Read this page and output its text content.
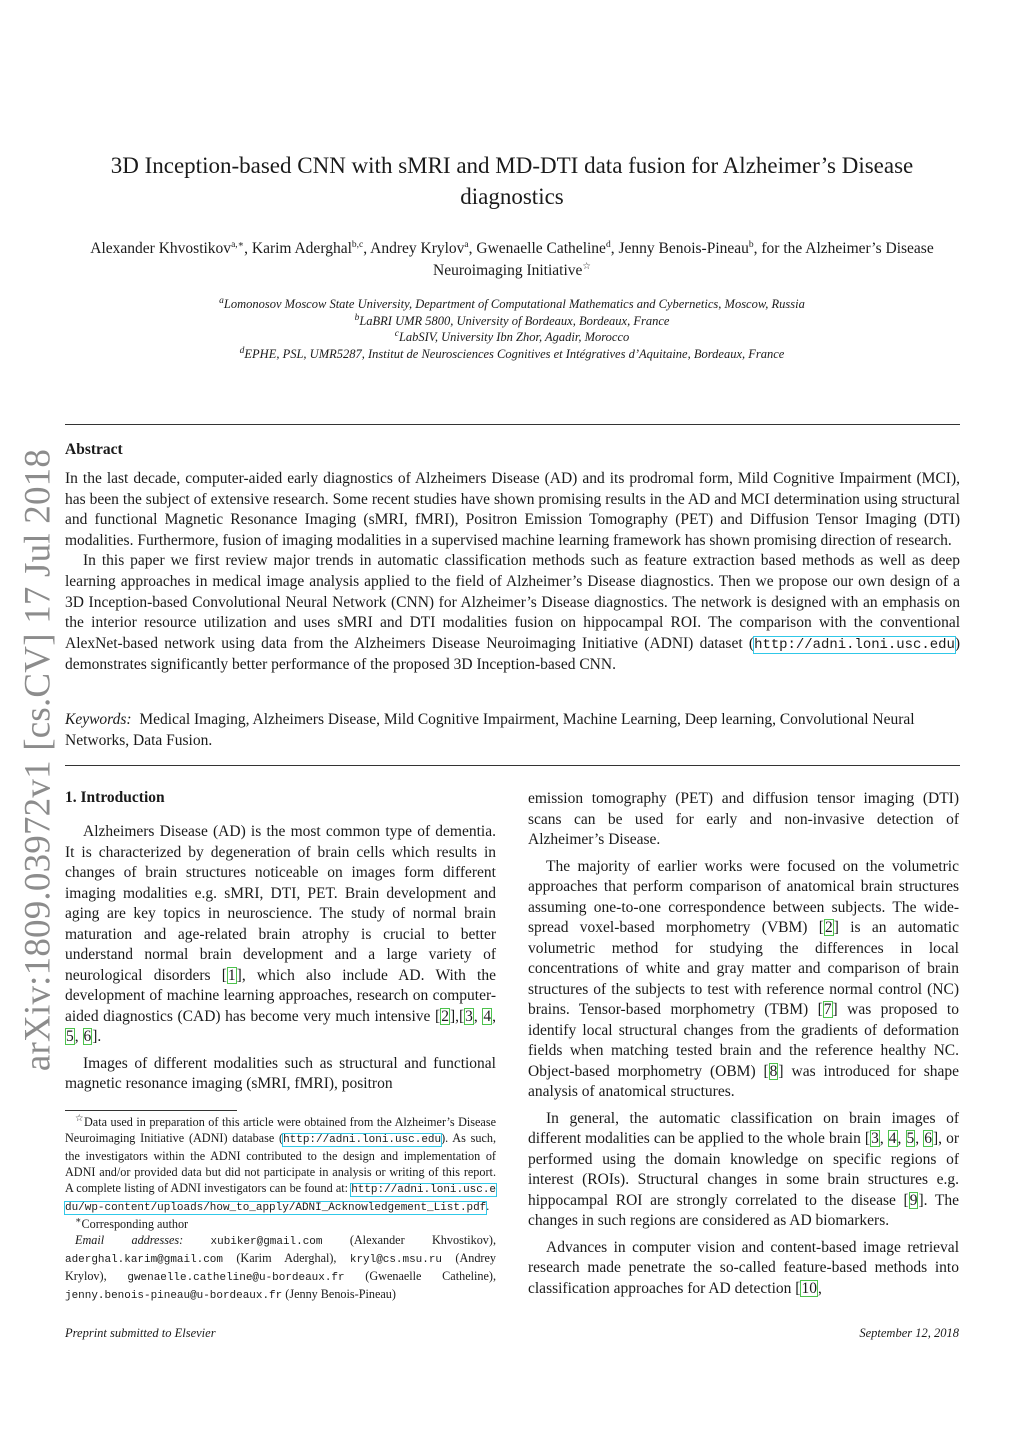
arXiv:1809.03972v1 [cs.CV] 17 Jul 2018
3D Inception-based CNN with sMRI and MD-DTI data fusion for Alzheimer’s Disease diagnostics
Alexander Khvostikov$^{a,∗}$, Karim Aderghal$^{b,c}$, Andrey Krylov$^a$, Gwenaelle Catheline$^d$, Jenny Benois-Pineau$^b$, for the Alzheimer’s Disease Neuroimaging Initiative☆
$^a$Lomonosov Moscow State University, Department of Computational Mathematics and Cybernetics, Moscow, Russia
$^b$LaBRI UMR 5800, University of Bordeaux, Bordeaux, France
$^c$LabSIV, University Ibn Zhor, Agadir, Morocco
$^d$EPHE, PSL, UMR5287, Institut de Neurosciences Cognitives et Intégratives d’Aquitaine, Bordeaux, France
Abstract

In the last decade, computer-aided early diagnostics of Alzheimers Disease (AD) and its prodromal form, Mild Cognitive Impairment (MCI), has been the subject of extensive research. Some recent studies have shown promising results in the AD and MCI determination using structural and functional Magnetic Resonance Imaging (sMRI, fMRI), Positron Emission Tomography (PET) and Diffusion Tensor Imaging (DTI) modalities. Furthermore, fusion of imaging modalities in a supervised machine learning framework has shown promising direction of research.

In this paper we first review major trends in automatic classification methods such as feature extraction based methods as well as deep learning approaches in medical image analysis applied to the field of Alzheimer’s Disease diagnostics. Then we propose our own design of a 3D Inception-based Convolutional Neural Network (CNN) for Alzheimer’s Disease diagnostics. The network is designed with an emphasis on the interior resource utilization and uses sMRI and DTI modalities fusion on hippocampal ROI. The comparison with the conventional AlexNet-based network using data from the Alzheimers Disease Neuroimaging Initiative (ADNI) dataset (http://adni.loni.usc.edu) demonstrates significantly better performance of the proposed 3D Inception-based CNN.

Keywords: Medical Imaging, Alzheimers Disease, Mild Cognitive Impairment, Machine Learning, Deep learning, Convolutional Neural Networks, Data Fusion.
1. Introduction

Alzheimers Disease (AD) is the most common type of dementia. It is characterized by degeneration of brain cells which results in changes of brain structures noticeable on images form different imaging modalities e.g. sMRI, DTI, PET. Brain development and aging are key topics in neuroscience. The study of normal brain maturation and age-related brain atrophy is crucial to better understand normal brain development and a large variety of neurological disorders [1], which also include AD. With the development of machine learning approaches, research on computer-aided diagnostics (CAD) has become very much intensive [2],[3, 4, 5, 6].

Images of different modalities such as structural and functional magnetic resonance imaging (sMRI, fMRI), positron

emission tomography (PET) and diffusion tensor imaging (DTI) scans can be used for early and non-invasive detection of Alzheimer’s Disease.

The majority of earlier works were focused on the volumetric approaches that perform comparison of anatomical brain structures assuming one-to-one correspondence between subjects. The wide-spread voxel-based morphometry (VBM) [2] is an automatic volumetric method for studying the differences in local concentrations of white and gray matter and comparison of brain structures of the subjects to test with reference normal control (NC) brains. Tensor-based morphometry (TBM) [7] was proposed to identify local structural changes from the gradients of deformation fields when matching tested brain and the reference healthy NC. Object-based morphometry (OBM) [8] was introduced for shape analysis of anatomical structures.

In general, the automatic classification on brain images of different modalities can be applied to the whole brain [3, 4, 5, 6], or performed using the domain knowledge on specific regions of interest (ROIs). Structural changes in some brain structures e.g. hippocampal ROI are strongly correlated to the disease [9]. The changes in such regions are considered as AD biomarkers.

Advances in computer vision and content-based image retrieval research made penetrate the so-called feature-based methods into classification approaches for AD detection [10,

☆Data used in preparation of this article were obtained from the Alzheimer’s Disease Neuroimaging Initiative (ADNI) database (http://adni.loni.usc.edu). As such, the investigators within the ADNI contributed to the design and implementation of ADNI and/or provided data but did not participate in analysis or writing of this report. A complete listing of ADNI investigators can be found at: http://adni.loni.usc.edu/wp-content/uploads/how_to_apply/ADNI_Acknowledgement_List.pdf.

∗Corresponding author

Email addresses: xubiker@gmail.com (Alexander Khvostikov), aderghal.karim@gmail.com (Karim Aderghal), kryl@cs.msu.ru (Andrey Krylov), gwenaelle.catheline@u-bordeaux.fr (Gwenaelle Catheline), jenny.benois-pineau@u-bordeaux.fr (Jenny Benois-Pineau)

Preprint submitted to Elsevier	September 12, 2018
